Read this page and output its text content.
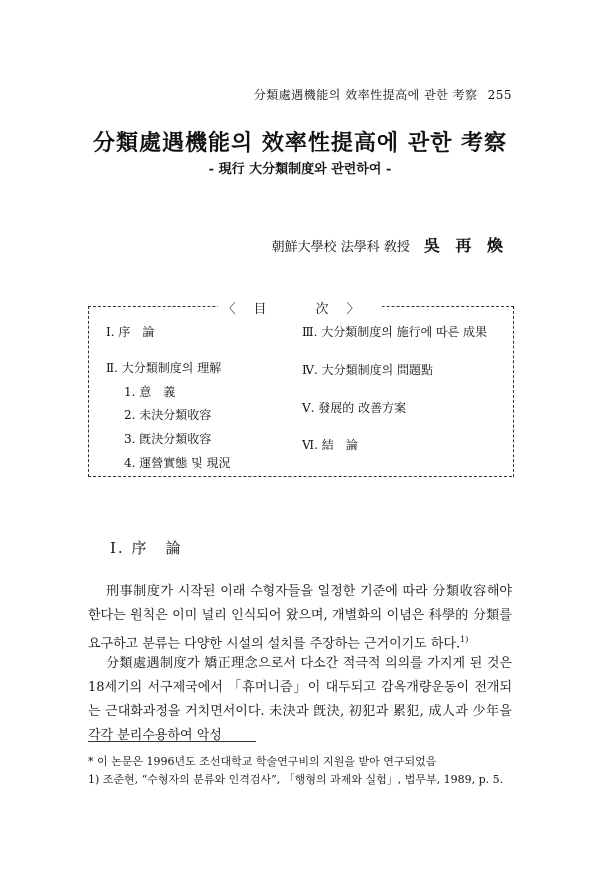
分類處遇機能의 效率性提高에 관한 考察 255
分類處遇機能의 效率性提高에 관한 考察
- 現行 大分類制度와 관련하여 -
朝鮮大學校 法學科 敎授 吳 再 煥
〈目　次〉
Ⅰ. 序　論
Ⅱ. 大分類制度의 理解
1. 意　義
2. 未決分類收容
3. 旣決分類收容
4. 運營實態 및 現況
Ⅲ. 大分類制度의 施行에 따른 成果
Ⅳ. 大分類制度의 問題點
Ⅴ. 發展的 改善方案
Ⅵ. 結　論
Ⅰ. 序　論

刑事制度가 시작된 이래 수형자들을 일정한 기준에 따라 分類收容해야 한다는 원칙은 이미 널리 인식되어 왔으며, 개별화의 이념은 科學的 分類를 요구하고 분류는 다양한 시설의 설치를 주장하는 근거이기도 하다.$^{1)}$

分類處遇制度가 矯正理念으로서 다소간 적극적 의의를 가지게 된 것은 18세기의 서구제국에서 「휴머니즘」이 대두되고 감옥개량운동이 전개되는 근대화과정을 거치면서이다. 未決과 旣決, 初犯과 累犯, 成人과 少年을 각각 분리수용하여 악성

* 이 논문은 1996년도 조선대학교 학술연구비의 지원을 받아 연구되었음
1) 조준현, “수형자의 분류와 인격검사”, 「행형의 과제와 실험」, 법무부, 1989, p. 5.
